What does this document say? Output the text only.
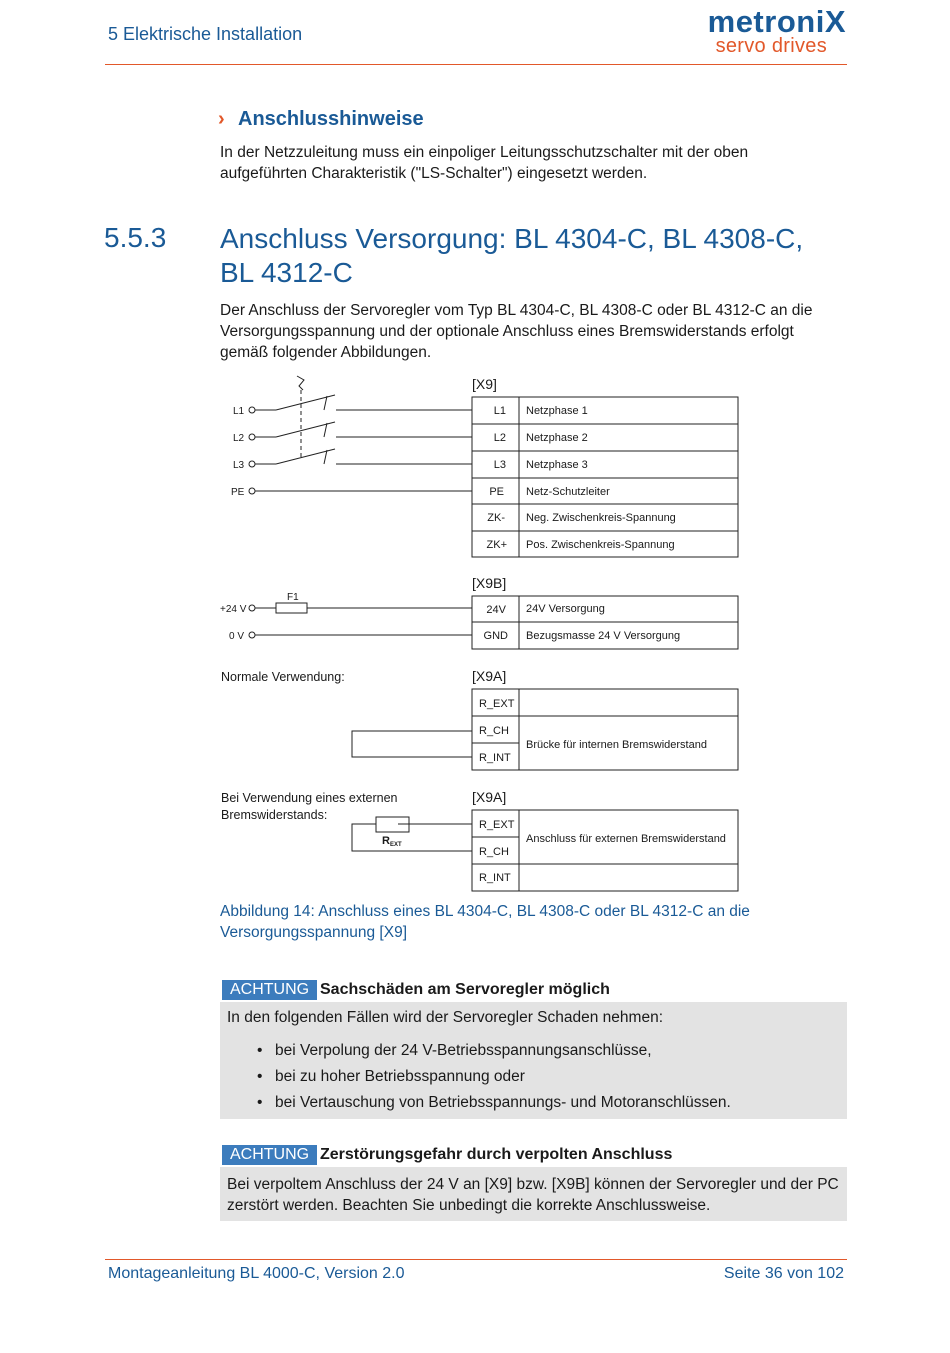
5 Elektrische Installation	metroniX
servo drives
› Anschlusshinweise
In der Netzzuleitung muss ein einpoliger Leitungsschutzschalter mit der oben aufgeführten Charakteristik ("LS-Schalter") eingesetzt werden.
5.5.3 Anschluss Versorgung: BL 4304-C, BL 4308-C, BL 4312-C
Der Anschluss der Servoregler vom Typ BL 4304-C, BL 4308-C oder BL 4312-C an die Versorgungsspannung und der optionale Anschluss eines Bremswiderstands erfolgt gemäß folgender Abbildungen.
L1
L2
L3
PE
[X9]
L1 Netzphase 1
L2 Netzphase 2
L3 Netzphase 3
PE Netz-Schutzleiter
ZK- Neg. Zwischenkreis-Spannung
ZK+ Pos. Zwischenkreis-Spannung
+24 V
0 V
F1
[X9B]
24V 24V Versorgung
GND Bezugsmasse 24 V Versorgung
Normale Verwendung:	[X9A]
R_EXT
R_CH
R_INT
Brücke für internen Bremswiderstand
Bei Verwendung eines externen
Bremswiderstands:
REXT
[X9A]
R_EXT
R_CH
R_INT
Anschluss für externen Bremswiderstand
Abbildung 14: Anschluss eines BL 4304-C, BL 4308-C oder BL 4312-C an die Versorgungsspannung [X9]
ACHTUNG Sachschäden am Servoregler möglich
In den folgenden Fällen wird der Servoregler Schaden nehmen:
• bei Verpolung der 24 V-Betriebsspannungsanschlüsse,
• bei zu hoher Betriebsspannung oder
• bei Vertauschung von Betriebsspannungs- und Motoranschlüssen.
ACHTUNG Zerstörungsgefahr durch verpolten Anschluss
Bei verpoltem Anschluss der 24 V an [X9] bzw. [X9B] können der Servoregler und der PC zerstört werden. Beachten Sie unbedingt die korrekte Anschlussweise.
Montageanleitung BL 4000-C, Version 2.0	Seite 36 von 102
